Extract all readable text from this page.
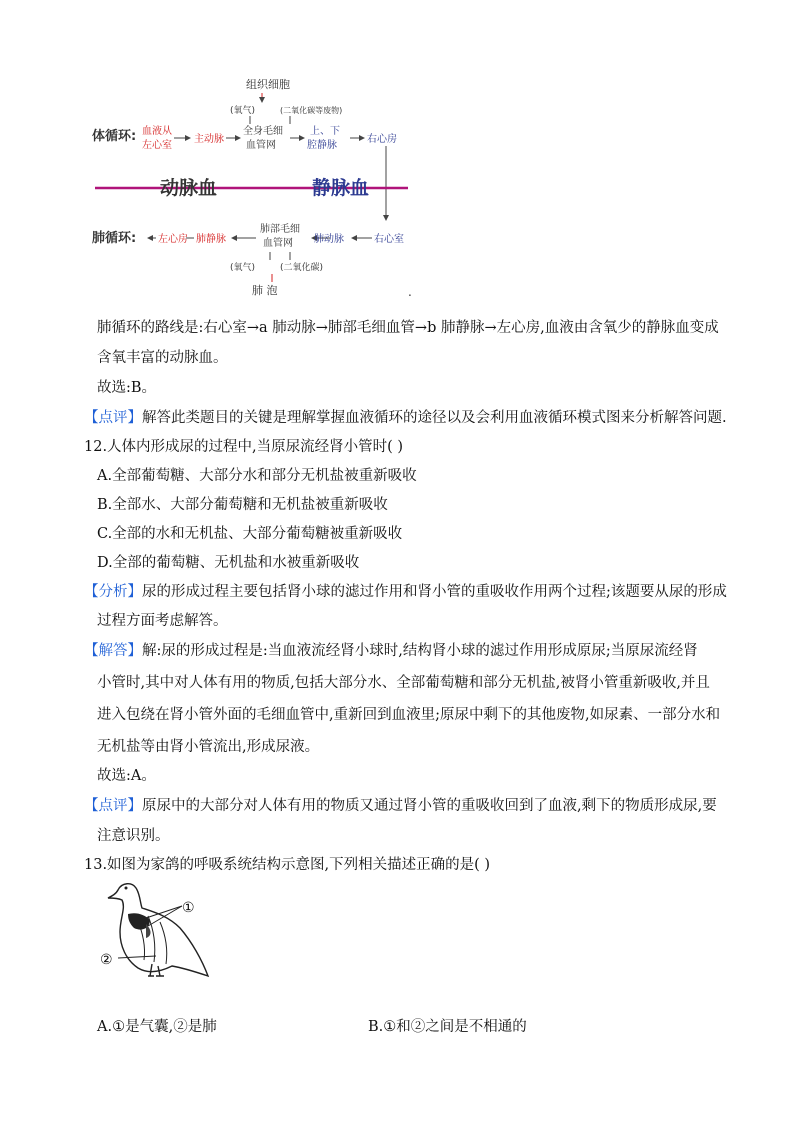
组织细胞
(氧气)	(二氧化碳等废物)
体循环: 血液从
左心室
主动脉
全身毛细
血管网
上、下
腔静脉
右心房
动脉血	静脉血
肺循环: 左心房 肺静脉
肺部毛细
血管网 肺动脉	右心室
(氧气)	(二氧化碳)
肺 泡	.
肺循环的路线是:右心室→a 肺动脉→肺部毛细血管→b 肺静脉→左心房,血液由含氧少的静脉血变成
含氧丰富的动脉血。
故选:B。
【点评】解答此类题目的关键是理解掌握血液循环的途径以及会利用血液循环模式图来分析解答问题.
12.人体内形成尿的过程中,当原尿流经肾小管时( )
A.全部葡萄糖、大部分水和部分无机盐被重新吸收
B.全部水、大部分葡萄糖和无机盐被重新吸收
C.全部的水和无机盐、大部分葡萄糖被重新吸收
D.全部的葡萄糖、无机盐和水被重新吸收
【分析】尿的形成过程主要包括肾小球的滤过作用和肾小管的重吸收作用两个过程;该题要从尿的形成
过程方面考虑解答。
【解答】解:尿的形成过程是:当血液流经肾小球时,结构肾小球的滤过作用形成原尿;当原尿流经肾
小管时,其中对人体有用的物质,包括大部分水、全部葡萄糖和部分无机盐,被肾小管重新吸收,并且
进入包绕在肾小管外面的毛细血管中,重新回到血液里;原尿中剩下的其他废物,如尿素、一部分水和
无机盐等由肾小管流出,形成尿液。
故选:A。
【点评】原尿中的大部分对人体有用的物质又通过肾小管的重吸收回到了血液,剩下的物质形成尿,要
注意识别。
13.如图为家鸽的呼吸系统结构示意图,下列相关描述正确的是( )
①
②
A.①是气囊,②是肺	B.①和②之间是不相通的
